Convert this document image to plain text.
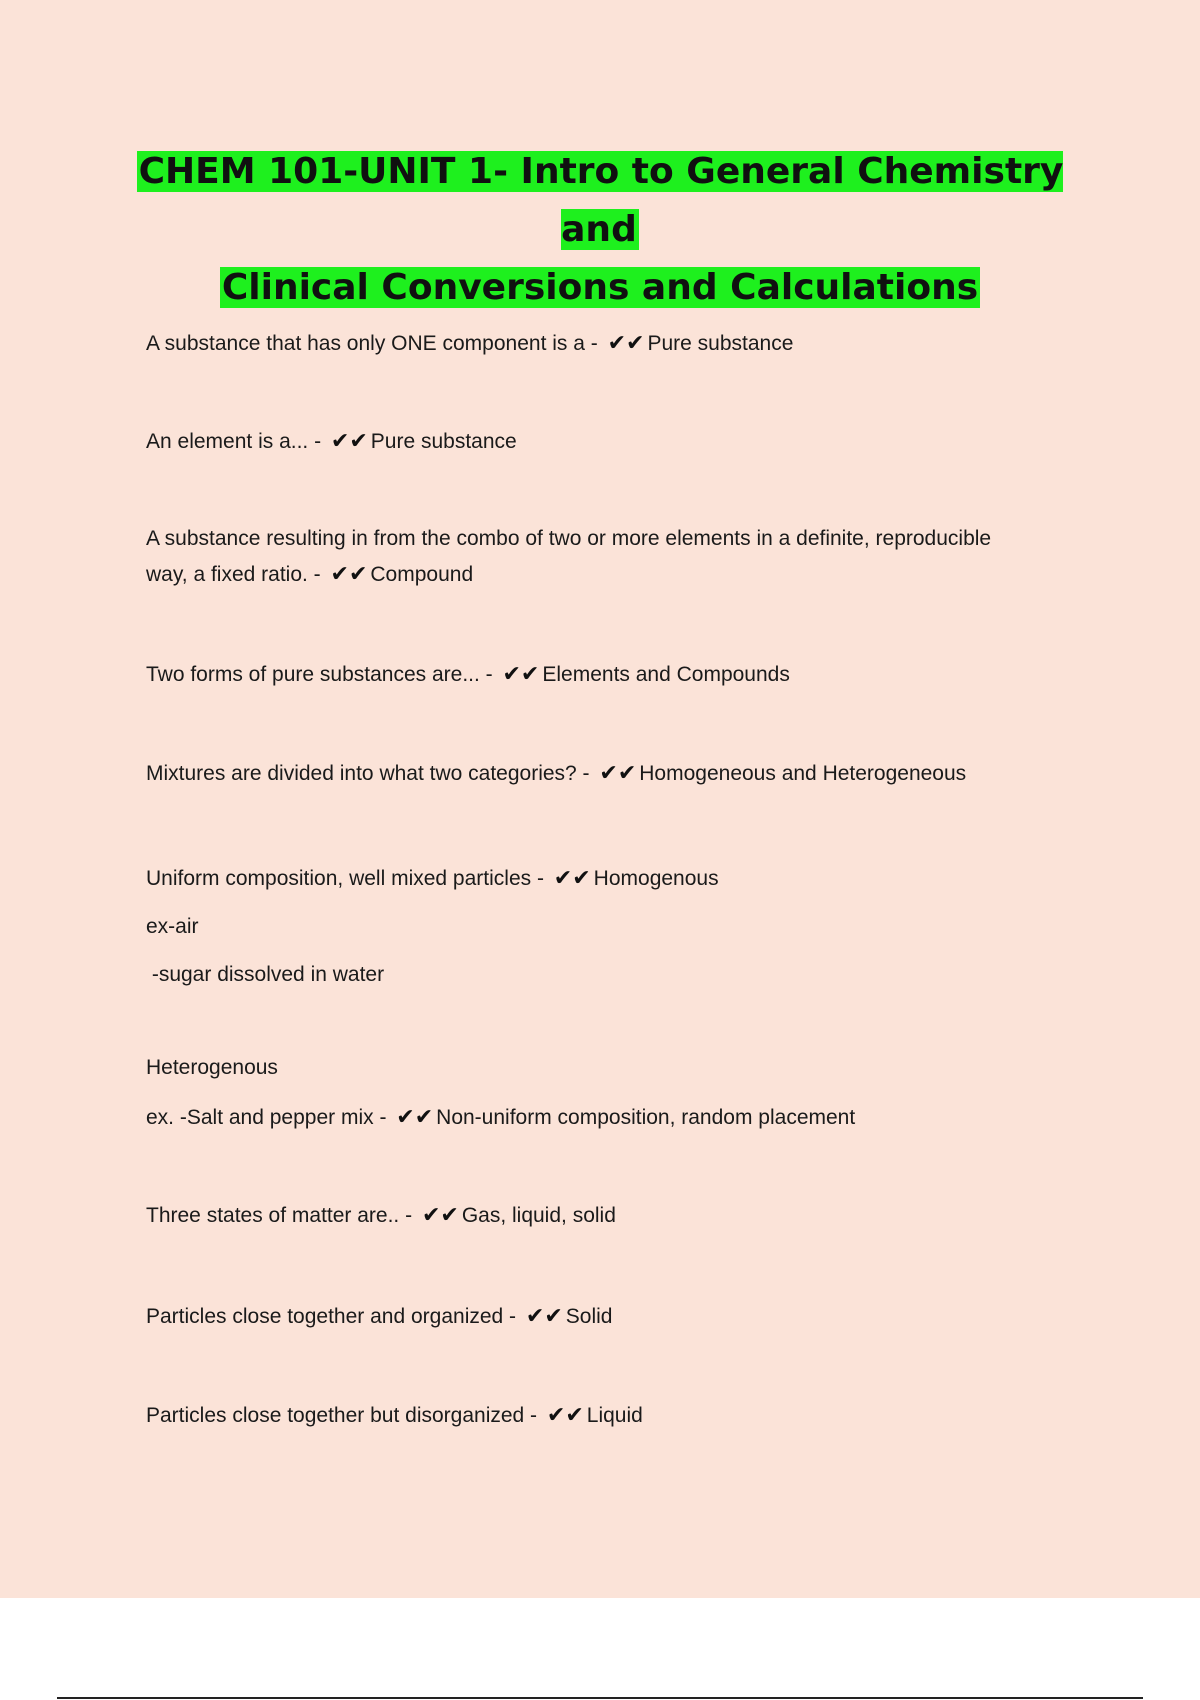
CHEM 101-UNIT 1- Intro to General Chemistry and
Clinical Conversions and Calculations

A substance that has only ONE component is a - ✔✔ Pure substance

An element is a... - ✔✔ Pure substance

A substance resulting in from the combo of two or more elements in a definite, reproducible
way, a fixed ratio. - ✔✔ Compound

Two forms of pure substances are... - ✔✔ Elements and Compounds

Mixtures are divided into what two categories? - ✔✔ Homogeneous and Heterogeneous

Uniform composition, well mixed particles - ✔✔ Homogenous
ex-air
-sugar dissolved in water

Heterogenous
ex. -Salt and pepper mix - ✔✔ Non-uniform composition, random placement

Three states of matter are.. - ✔✔ Gas, liquid, solid

Particles close together and organized - ✔✔ Solid

Particles close together but disorganized - ✔✔ Liquid
